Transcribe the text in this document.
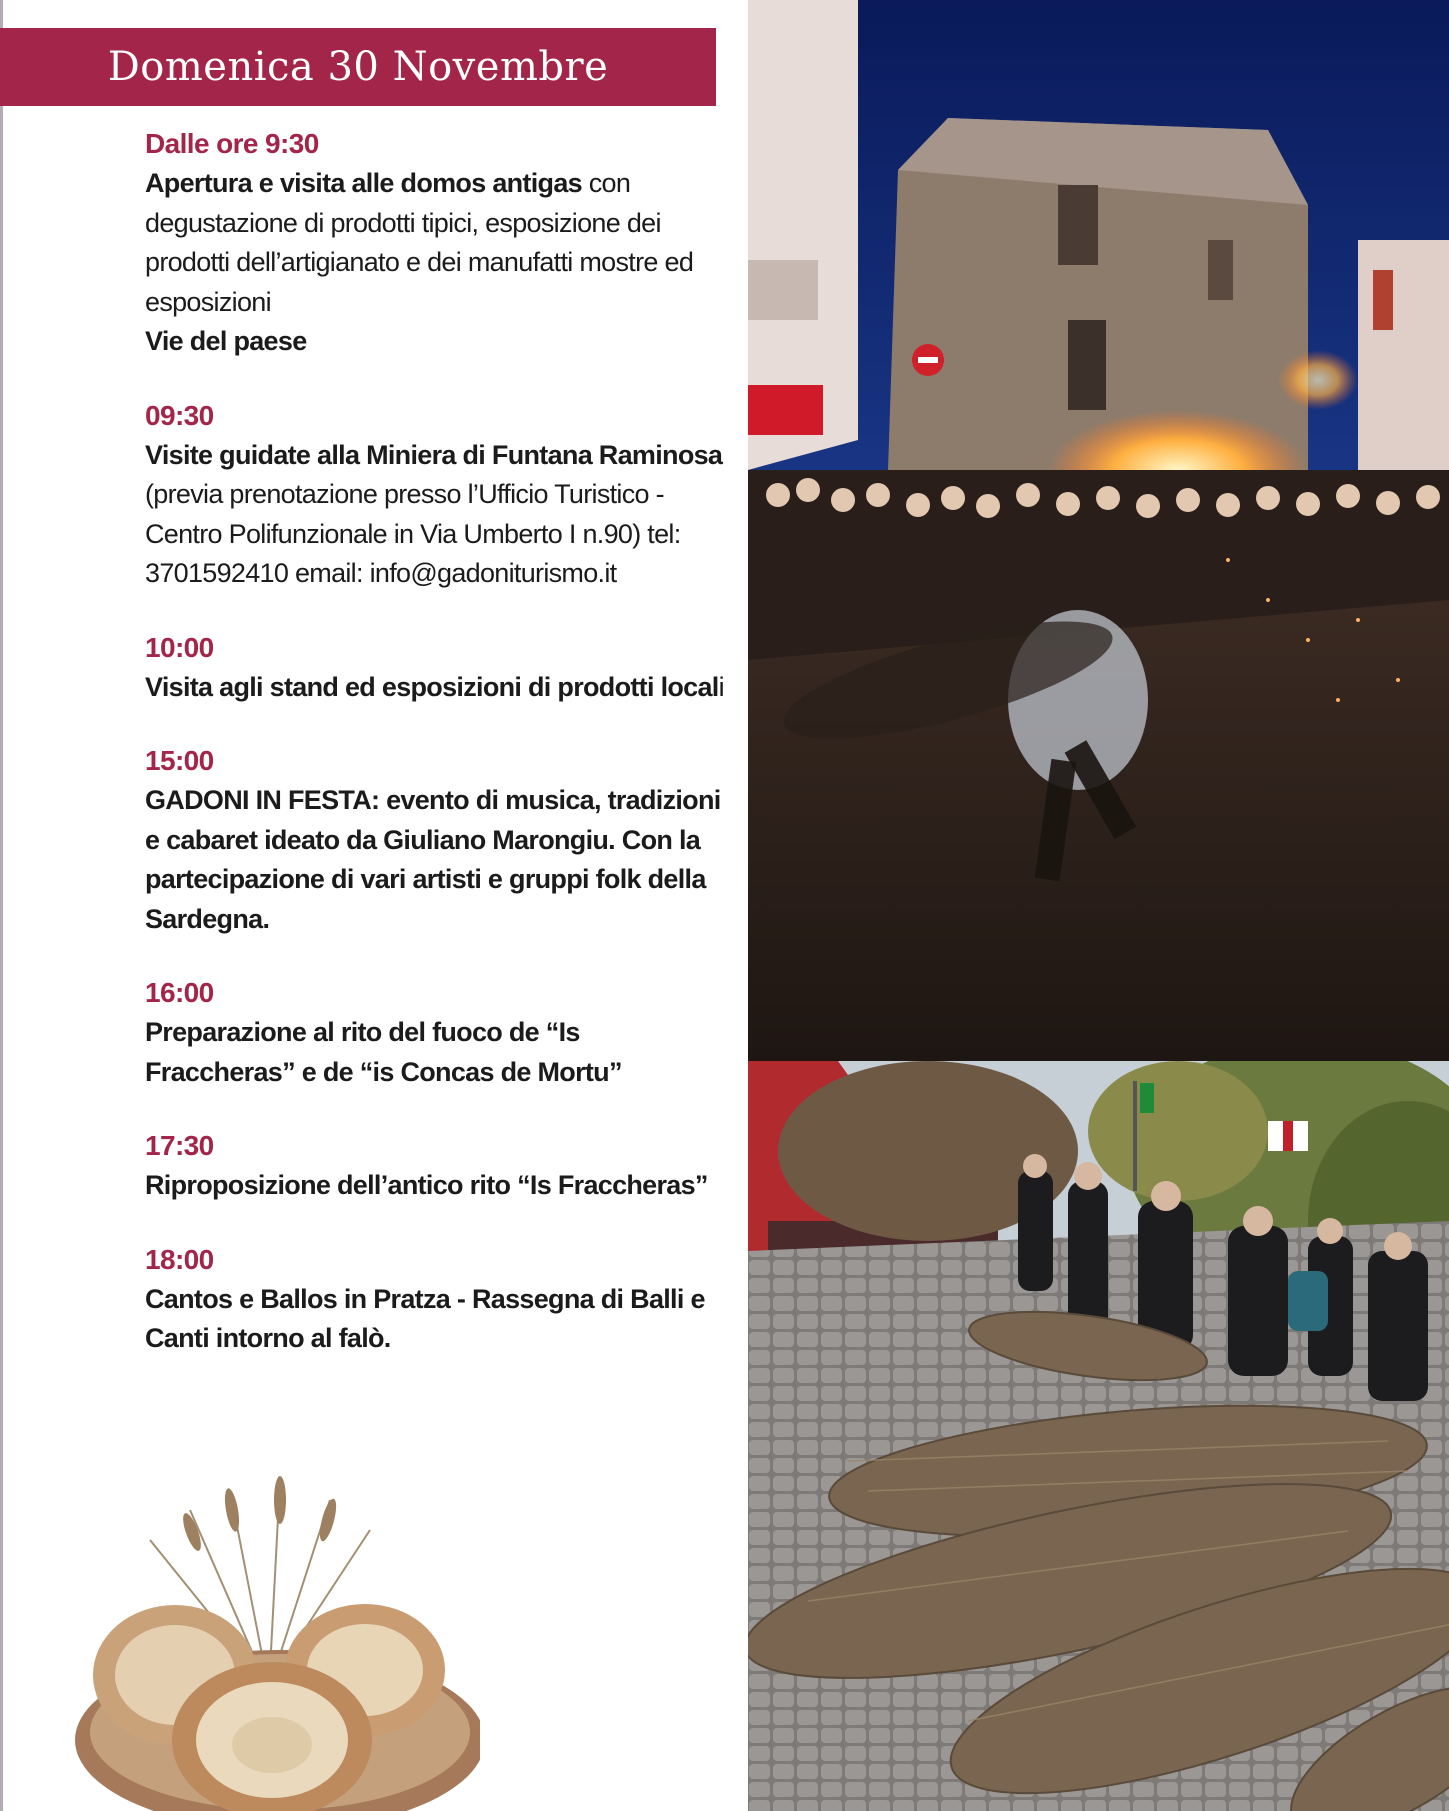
Domenica 30 Novembre
Dalle ore 9:30
Apertura e visita alle domos antigas con degustazione di prodotti tipici, esposizione dei prodotti dell’artigianato e dei manufatti mostre ed esposizioni
Vie del paese
09:30
Visite guidate alla Miniera di Funtana Raminosa (previa prenotazione presso l’Ufficio Turistico - Centro Polifunzionale in Via Umberto I n.90) tel: 3701592410 email: info@gadoniturismo.it
10:00
Visita agli stand ed esposizioni di prodotti locali
15:00
GADONI IN FESTA: evento di musica, tradizioni e cabaret ideato da Giuliano Marongiu. Con la partecipazione di vari artisti e gruppi folk della Sardegna.
16:00
Preparazione al rito del fuoco de “Is Fraccheras” e de “is Concas de Mortu”
17:30
Riproposizione dell’antico rito “Is Fraccheras”
18:00
Cantos e Ballos in Pratza - Rassegna di Balli e Canti intorno al falò.
